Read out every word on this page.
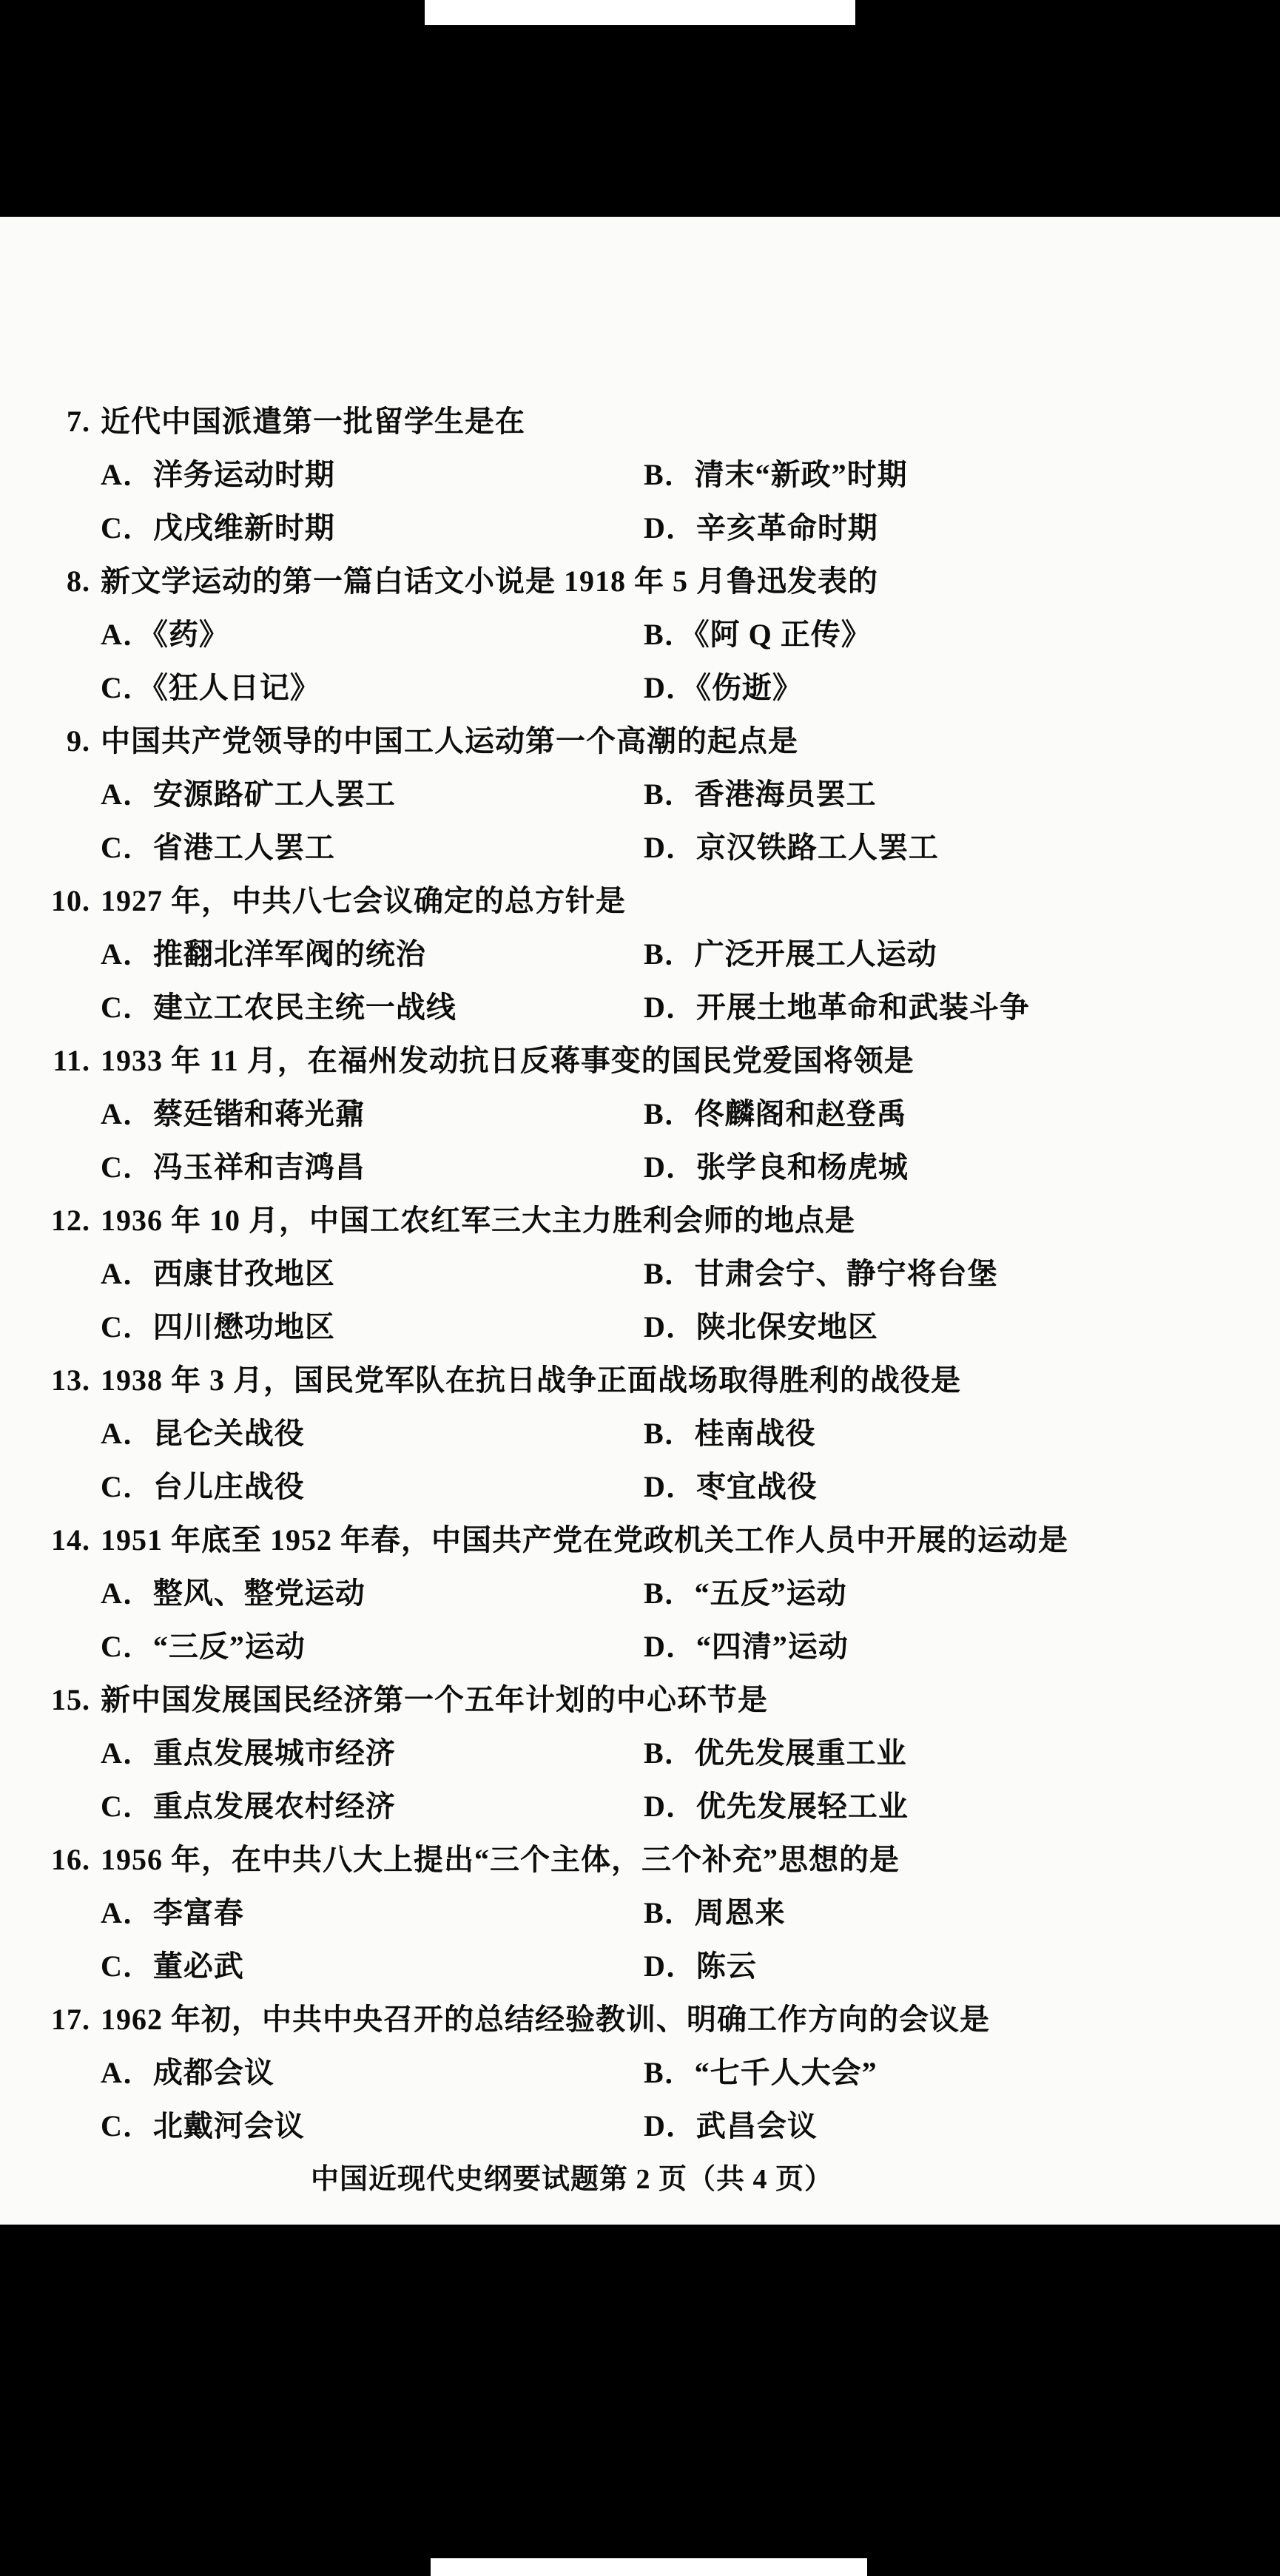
7. 近代中国派遣第一批留学生是在
A．洋务运动时期	B．清末“新政”时期
C．戊戌维新时期	D．辛亥革命时期
8. 新文学运动的第一篇白话文小说是 1918 年 5 月鲁迅发表的
A．《药》	B．《阿 Q 正传》
C．《狂人日记》	D．《伤逝》
9. 中国共产党领导的中国工人运动第一个高潮的起点是
A．安源路矿工人罢工	B．香港海员罢工
C．省港工人罢工	D．京汉铁路工人罢工
10. 1927 年，中共八七会议确定的总方针是
A．推翻北洋军阀的统治	B．广泛开展工人运动
C．建立工农民主统一战线	D．开展土地革命和武装斗争
11. 1933 年 11 月，在福州发动抗日反蒋事变的国民党爱国将领是
A．蔡廷锴和蒋光鼐	B．佟麟阁和赵登禹
C．冯玉祥和吉鸿昌	D．张学良和杨虎城
12. 1936 年 10 月，中国工农红军三大主力胜利会师的地点是
A．西康甘孜地区	B．甘肃会宁、静宁将台堡
C．四川懋功地区	D．陕北保安地区
13. 1938 年 3 月，国民党军队在抗日战争正面战场取得胜利的战役是
A．昆仑关战役	B．桂南战役
C．台儿庄战役	D．枣宜战役
14. 1951 年底至 1952 年春，中国共产党在党政机关工作人员中开展的运动是
A．整风、整党运动	B．“五反”运动
C．“三反”运动	D．“四清”运动
15. 新中国发展国民经济第一个五年计划的中心环节是
A．重点发展城市经济	B．优先发展重工业
C．重点发展农村经济	D．优先发展轻工业
16. 1956 年，在中共八大上提出“三个主体，三个补充”思想的是
A．李富春	B．周恩来
C．董必武	D．陈云
17. 1962 年初，中共中央召开的总结经验教训、明确工作方向的会议是
A．成都会议	B．“七千人大会”
C．北戴河会议	D．武昌会议
中国近现代史纲要试题第 2 页（共 4 页）
